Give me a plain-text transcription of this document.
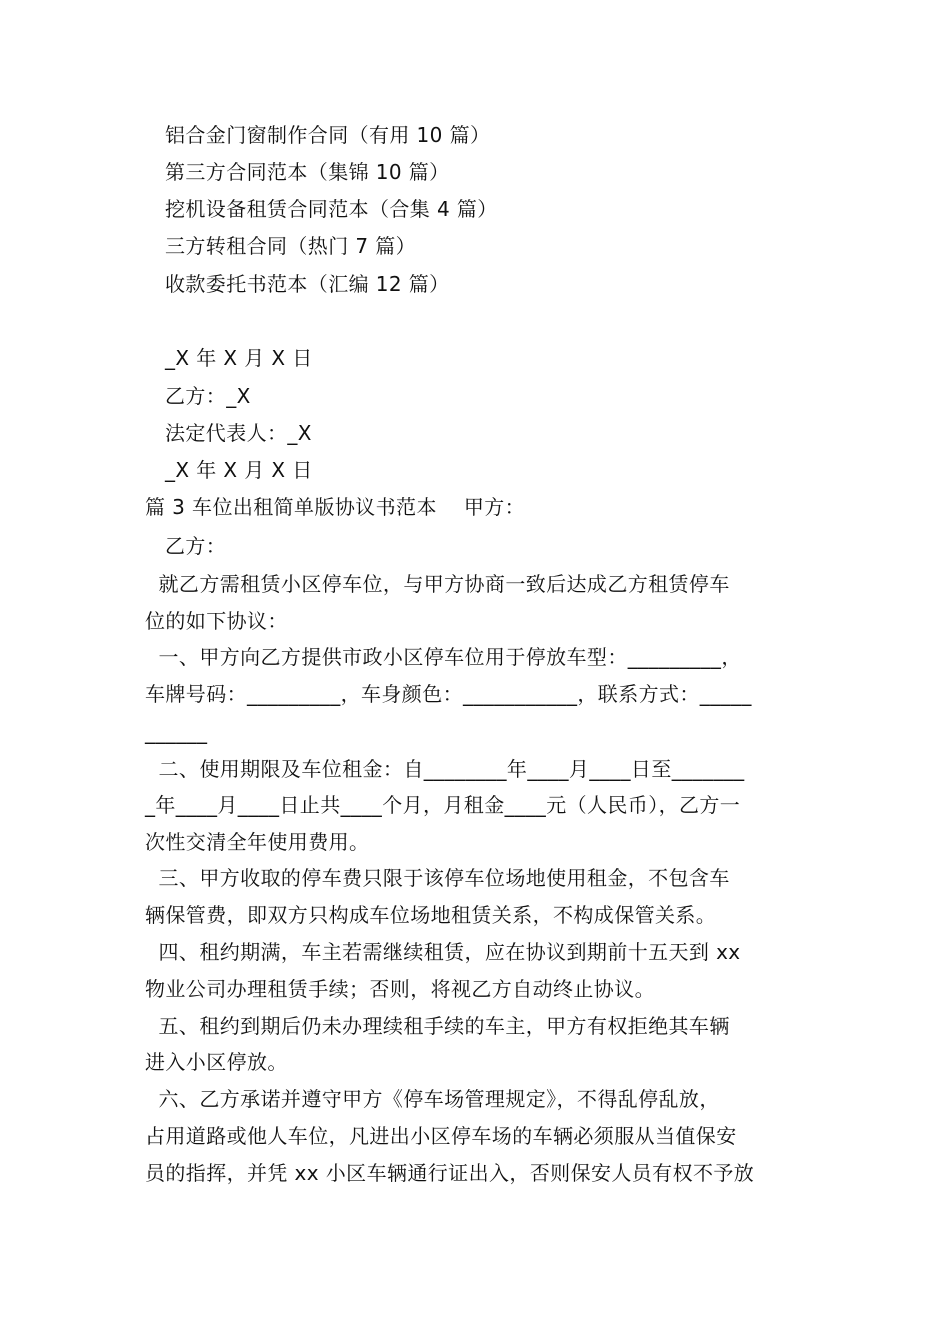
铝合金门窗制作合同（有用 10 篇）
第三方合同范本（集锦 10 篇）
挖机设备租赁合同范本（合集 4 篇）
三方转租合同（热门 7 篇）
收款委托书范本（汇编 12 篇）
_X 年 X 月 X 日
乙方：_X
法定代表人：_X
_X 年 X 月 X 日
篇 3 车位出租简单版协议书范本    甲方：
乙方：
就乙方需租赁小区停车位，与甲方协商一致后达成乙方租赁停车
位的如下协议：
一、甲方向乙方提供市政小区停车位用于停放车型：_________，
车牌号码：_________，车身颜色：___________，联系方式：_____
______
二、使用期限及车位租金：自________年____月____日至_______
_年____月____日止共____个月，月租金____元（人民币），乙方一
次性交清全年使用费用。
三、甲方收取的停车费只限于该停车位场地使用租金，不包含车
辆保管费，即双方只构成车位场地租赁关系，不构成保管关系。
四、租约期满，车主若需继续租赁，应在协议到期前十五天到 xx
物业公司办理租赁手续；否则，将视乙方自动终止协议。
五、租约到期后仍未办理续租手续的车主，甲方有权拒绝其车辆
进入小区停放。
六、乙方承诺并遵守甲方《停车场管理规定》，不得乱停乱放，
占用道路或他人车位，凡进出小区停车场的车辆必须服从当值保安
员的指挥，并凭 xx 小区车辆通行证出入，否则保安人员有权不予放
